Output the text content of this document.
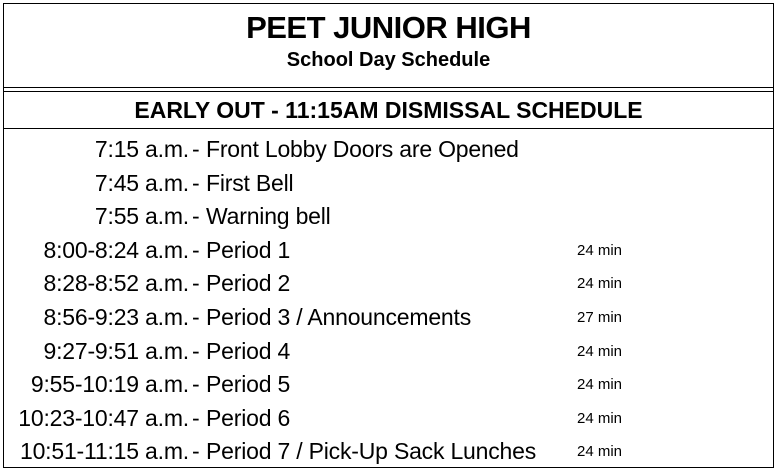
PEET JUNIOR HIGH
School Day Schedule
EARLY OUT - 11:15AM DISMISSAL SCHEDULE
7:15 a.m. - Front Lobby Doors are Opened
7:45 a.m. - First Bell
7:55 a.m. - Warning bell
8:00-8:24 a.m. - Period 1	24 min
8:28-8:52 a.m. - Period 2	24 min
8:56-9:23 a.m. - Period 3 / Announcements	27 min
9:27-9:51 a.m. - Period 4	24 min
9:55-10:19 a.m. - Period 5	24 min
10:23-10:47 a.m. - Period 6	24 min
10:51-11:15 a.m. - Period 7 / Pick-Up Sack Lunches	24 min
